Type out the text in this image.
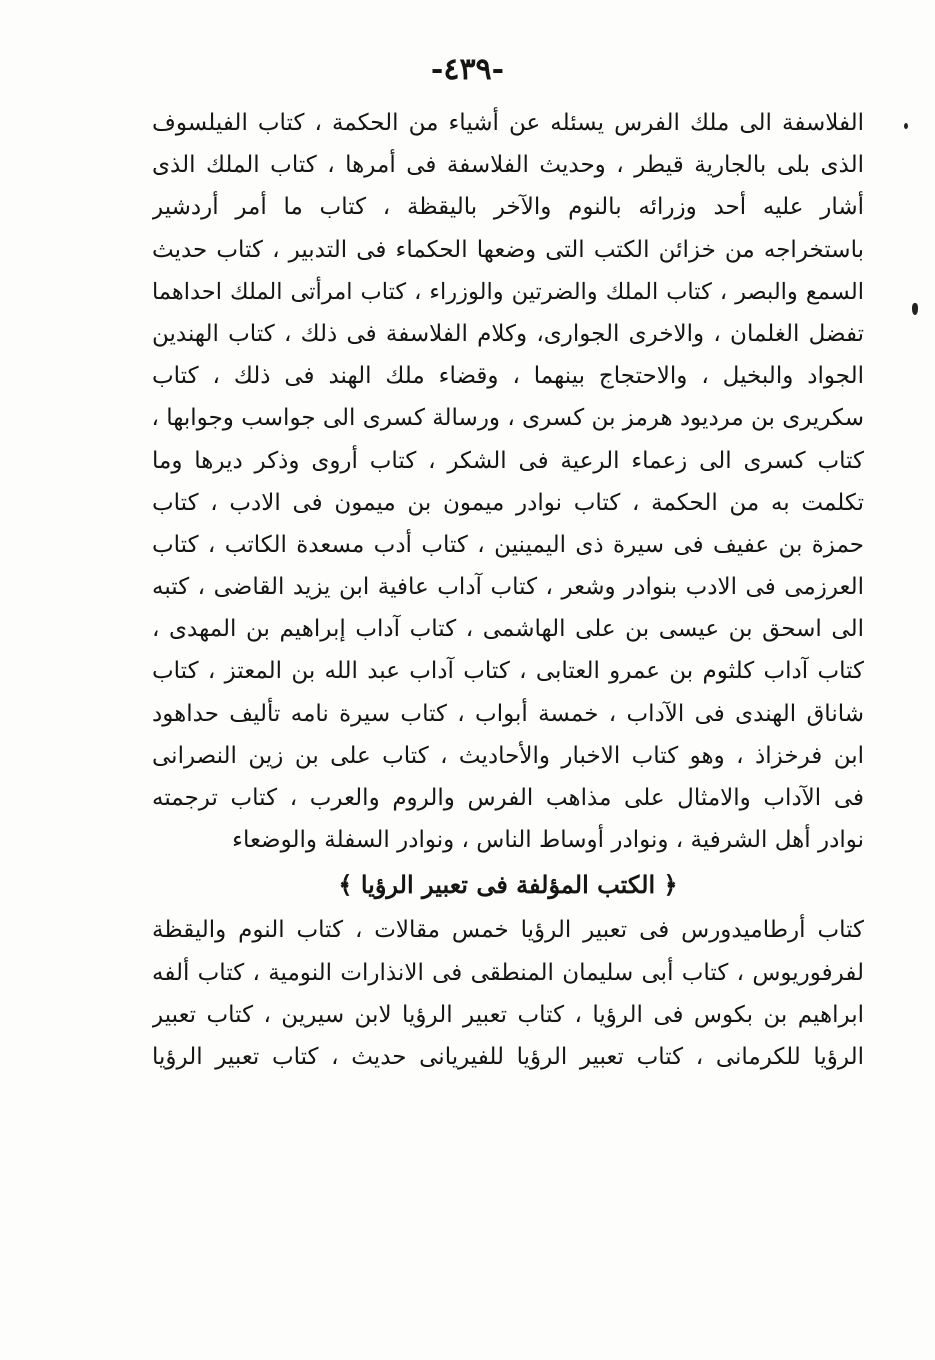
-٤٣٩-
الفلاسفة الى ملك الفرس يسئله عن أشياء من الحكمة ، كتاب الفيلسوف
الذى بلى بالجارية قيطر ، وحديث الفلاسفة فى أمرها ، كتاب الملك الذى
أشار عليه أحد وزرائه بالنوم والآخر باليقظة ، كتاب ما أمر أردشير
باستخراجه من خزائن الكتب التى وضعها الحكماء فى التدبير ، كتاب حديث
السمع والبصر ، كتاب الملك والضرتين والوزراء ، كتاب امرأتى الملك احداهما
تفضل الغلمان ، والاخرى الجوارى، وكلام الفلاسفة فى ذلك ، كتاب الهندين
الجواد والبخيل ، والاحتجاج بينهما ، وقضاء ملك الهند فى ذلك ، كتاب
سكريرى بن مرديود هرمز بن كسرى ، ورسالة كسرى الى جواسب وجوابها ،
كتاب كسرى الى زعماء الرعية فى الشكر ، كتاب أروى وذكر ديرها وما
تكلمت به من الحكمة ، كتاب نوادر ميمون بن ميمون فى الادب ، كتاب
حمزة بن عفيف فى سيرة ذى اليمينين ، كتاب أدب مسعدة الكاتب ، كتاب
العرزمى فى الادب بنوادر وشعر ، كتاب آداب عافية ابن يزيد القاضى ، كتبه
الى اسحق بن عيسى بن على الهاشمى ، كتاب آداب إبراهيم بن المهدى ،
كتاب آداب كلثوم بن عمرو العتابى ، كتاب آداب عبد الله بن المعتز ، كتاب
شاناق الهندى فى الآداب ، خمسة أبواب ، كتاب سيرة نامه تأليف حداهود
ابن فرخزاذ ، وهو كتاب الاخبار والأحاديث ، كتاب على بن زين النصرانى
فى الآداب والامثال على مذاهب الفرس والروم والعرب ، كتاب ترجمته
نوادر أهل الشرفية ، ونوادر أوساط الناس ، ونوادر السفلة والوضعاء
﴿ الكتب المؤلفة فى تعبير الرؤيا ﴾
كتاب أرطاميدورس فى تعبير الرؤيا خمس مقالات ، كتاب النوم واليقظة
لفرفوريوس ، كتاب أبى سليمان المنطقى فى الانذارات النومية ، كتاب ألفه
ابراهيم بن بكوس فى الرؤيا ، كتاب تعبير الرؤيا لابن سيرين ، كتاب تعبير
الرؤيا للكرمانى ، كتاب تعبير الرؤيا للفيريانى حديث ، كتاب تعبير الرؤيا
